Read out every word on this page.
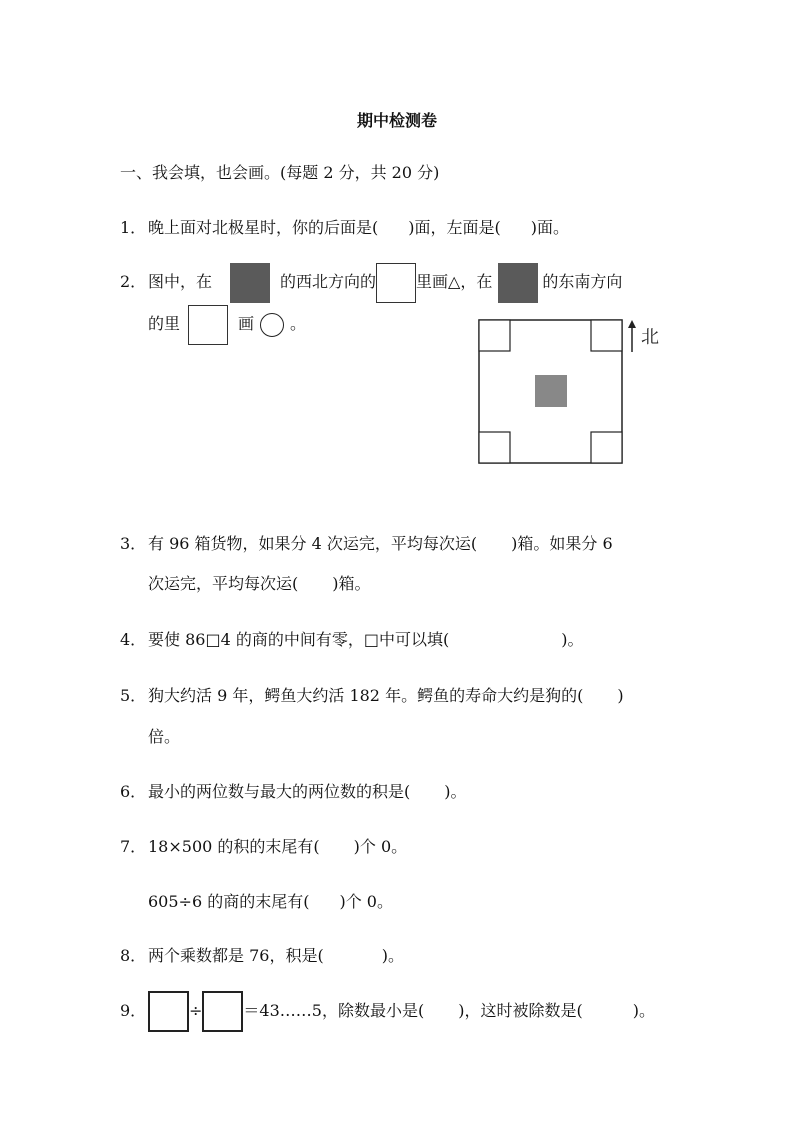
期中检测卷
一、我会填，也会画。(每题 2 分，共 20 分)
1． 晚上面对北极星时，你的后面是( )面，左面是( )面。
2． 图中，在	的西北方向的	里画△，在	的东南方向
的里	画 。
北
3． 有 96 箱货物，如果分 4 次运完，平均每次运( )箱。如果分 6
次运完，平均每次运( )箱。
4． 要使 86□4 的商的中间有零，□中可以填(	)。
5． 狗大约活 9 年，鳄鱼大约活 182 年。鳄鱼的寿命大约是狗的( )
倍。
6． 最小的两位数与最大的两位数的积是( )。
7． 18×500 的积的末尾有( )个 0。
605÷6 的商的末尾有( )个 0。
8． 两个乘数都是 76，积是(	)。
9．	÷	＝43……5，除数最小是( )，这时被除数是(	)。
